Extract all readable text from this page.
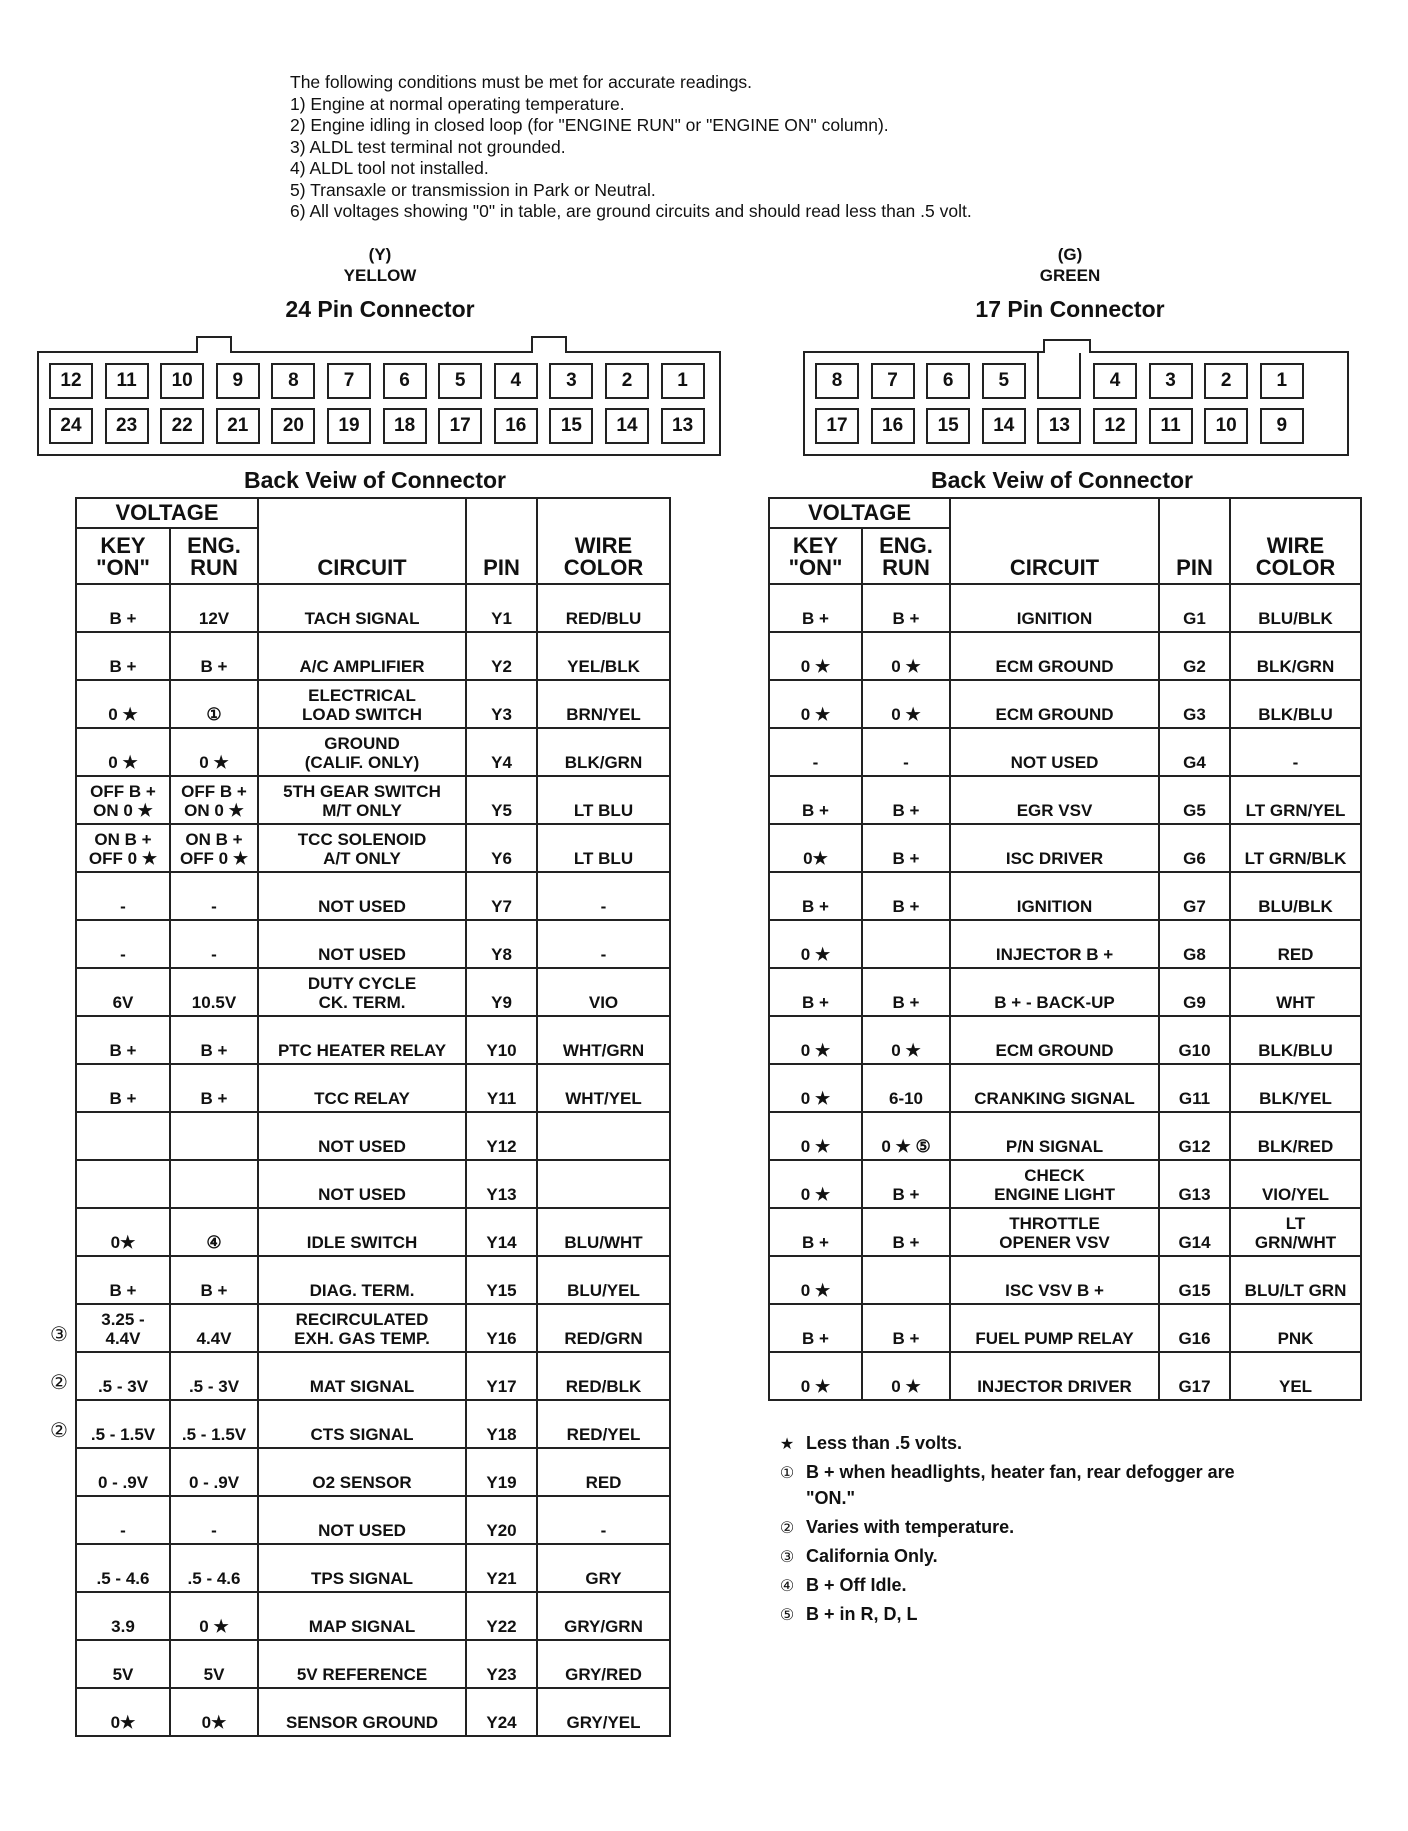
The following conditions must be met for accurate readings.
1) Engine at normal operating temperature.
2) Engine idling in closed loop (for "ENGINE RUN" or "ENGINE ON" column).
3) ALDL test terminal not grounded.
4) ALDL tool not installed.
5) Transaxle or transmission in Park or Neutral.
6) All voltages showing "0" in table, are ground circuits and should read less than .5 volt.
(Y)
YELLOW
24 Pin Connector
(G)
GREEN
17 Pin Connector
12	11	10	9	8	7	6	5	4	3	2	1
24	23	22	21	20	19	18	17	16	15	14	13
8	7	6	5	4	3	2	1
17	16	15	14	13	12	11	10	9
Back Veiw of Connector	Back Veiw of Connector
VOLTAGE		CIRCUIT	PIN	WIRE
COLOR
KEY
"ON"	ENG.
RUN			
B +	12V	TACH SIGNAL	Y1	RED/BLU
B +	B +	A/C AMPLIFIER	Y2	YEL/BLK
0 ★	①	ELECTRICAL
LOAD SWITCH	Y3	BRN/YEL
0 ★	0 ★	GROUND
(CALIF. ONLY)	Y4	BLK/GRN
OFF B +
ON 0 ★	OFF B +
ON 0 ★	5TH GEAR SWITCH
M/T ONLY	Y5	LT BLU
ON B +
OFF 0 ★	ON B +
OFF 0 ★	TCC SOLENOID
A/T ONLY	Y6	LT BLU
-	-	NOT USED	Y7	-
-	-	NOT USED	Y8	-
6V	10.5V	DUTY CYCLE
CK. TERM.	Y9	VIO
B +	B +	PTC HEATER RELAY	Y10	WHT/GRN
B +	B +	TCC RELAY	Y11	WHT/YEL
		NOT USED	Y12	
		NOT USED	Y13	
0★	④	IDLE SWITCH	Y14	BLU/WHT
B +	B +	DIAG. TERM.	Y15	BLU/YEL
3.25 -
4.4V	4.4V	RECIRCULATED
EXH. GAS TEMP.	Y16	RED/GRN
.5 - 3V	.5 - 3V	MAT SIGNAL	Y17	RED/BLK
.5 - 1.5V	.5 - 1.5V	CTS SIGNAL	Y18	RED/YEL
0 - .9V	0 - .9V	O2 SENSOR	Y19	RED
-	-	NOT USED	Y20	-
.5 - 4.6	.5 - 4.6	TPS SIGNAL	Y21	GRY
3.9	0 ★	MAP SIGNAL	Y22	GRY/GRN
5V	5V	5V REFERENCE	Y23	GRY/RED
0★	0★	SENSOR GROUND	Y24	GRY/YEL
VOLTAGE		CIRCUIT	PIN	WIRE
COLOR
KEY
"ON"	ENG.
RUN			
B +	B +	IGNITION	G1	BLU/BLK
0 ★	0 ★	ECM GROUND	G2	BLK/GRN
0 ★	0 ★	ECM GROUND	G3	BLK/BLU
-	-	NOT USED	G4	-
B +	B +	EGR VSV	G5	LT GRN/YEL
0★	B +	ISC DRIVER	G6	LT GRN/BLK
B +	B +	IGNITION	G7	BLU/BLK
0 ★		INJECTOR B +	G8	RED
B +	B +	B + - BACK-UP	G9	WHT
0 ★	0 ★	ECM GROUND	G10	BLK/BLU
0 ★	6-10	CRANKING SIGNAL	G11	BLK/YEL
0 ★	0 ★ ⑤	P/N SIGNAL	G12	BLK/RED
0 ★	B +	CHECK
ENGINE LIGHT	G13	VIO/YEL
B +	B +	THROTTLE
OPENER VSV	G14	LT
GRN/WHT
0 ★		ISC VSV B +	G15	BLU/LT GRN
B +	B +	FUEL PUMP RELAY	G16	PNK
0 ★	0 ★	INJECTOR DRIVER	G17	YEL
③
②
②
★ Less than .5 volts.
① B + when headlights, heater fan, rear defogger are
"ON."
② Varies with temperature.
③ California Only.
④ B + Off Idle.
⑤ B + in R, D, L
